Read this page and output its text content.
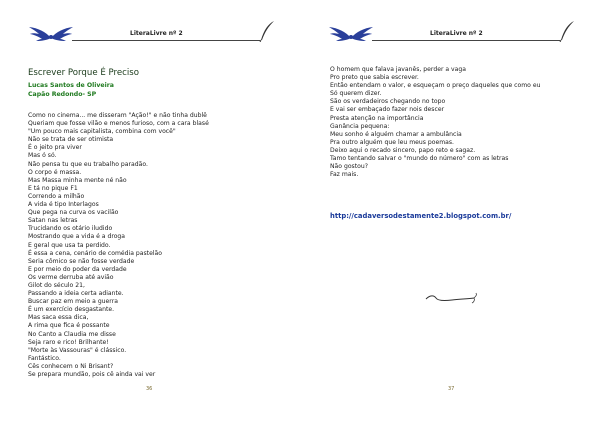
LiteraLivre nº 2
Escrever Porque É Preciso
Lucas Santos de Oliveira
Capão Redondo- SP
Como no cinema... me disseram "Ação!" e não tinha dublê
Queriam que fosse vilão e menos furioso, com a cara blasé
"Um pouco mais capitalista, combina com você"
Não se trata de ser otimista
É o jeito pra viver
Mas ó só.
Não pensa tu que eu trabalho paradão.
O corpo é massa.
Mas Massa minha mente né não
E tá no pique F1
Correndo a milhão
A vida é tipo Interlagos
Que pega na curva os vacilão
Satan nas letras
Trucidando os otário iludido
Mostrando que a vida é a droga
E geral que usa ta perdido.
É essa a cena, cenário de comédia pastelão
Seria cômico se não fosse verdade
E por meio do poder da verdade
Os verme derruba até avião
Gilot do século 21,
Passando a ideia certa adiante.
Buscar paz em meio a guerra
É um exercício desgastante.
Mas saca essa dica,
A rima que fica é possante
No Canto a Claudia me disse
Seja raro e rico! Brilhante!
"Morte às Vassouras" é clássico.
Fantástico.
Cês conhecem o Ni Brisant?
Se prepara mundão, pois cê ainda vai ver
36
LiteraLivre nº 2
O homem que falava javanês, perder a vaga
Pro preto que sabia escrever.
Então entendam o valor, e esqueçam o preço daqueles que como eu
Só querem dizer.
São os verdadeiros chegando no topo
E vai ser embaçado fazer nois descer
Presta atenção na importância
Ganância pequena:
Meu sonho é alguém chamar a ambulância
Pra outro alguém que leu meus poemas.
Deixo aqui o recado sincero, papo reto e sagaz.
Tamo tentando salvar o "mundo do número" com as letras
Não gostou?
Faz mais.
http://cadaversodestamente2.blogspot.com.br/
37
